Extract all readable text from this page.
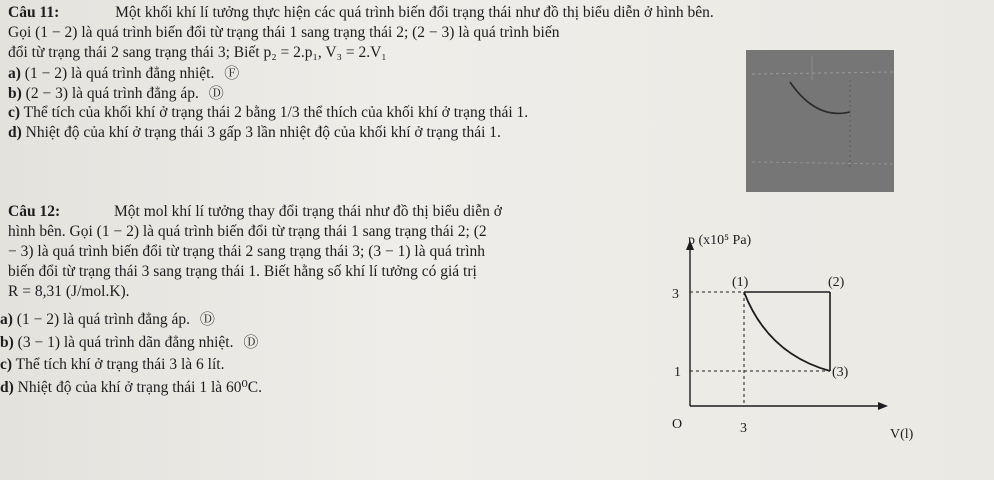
Câu 11:	Một khối khí lí tưởng thực hiện các quá trình biến đổi trạng thái như đồ thị biểu diễn ở hình bên.
Gọi (1 − 2) là quá trình biến đổi từ trạng thái 1 sang trạng thái 2; (2 − 3) là quá trình biến
đổi từ trạng thái 2 sang trạng thái 3; Biết p₂ = 2.p₁, V₃ = 2.V₁
a) (1 − 2) là quá trình đẳng nhiệt. Ⓕ
b) (2 − 3) là quá trình đẳng áp. Ⓓ
c) Thể tích của khối khí ở trạng thái 2 bằng 1/3 thể thích của khối khí ở trạng thái 1.
d) Nhiệt độ của khí ở trạng thái 3 gấp 3 lần nhiệt độ của khối khí ở trạng thái 1.
Câu 12:	Một mol khí lí tưởng thay đổi trạng thái như đồ thị biểu diễn ở
hình bên. Gọi (1 − 2) là quá trình biến đổi từ trạng thái 1 sang trạng thái 2; (2
− 3) là quá trình biến đổi từ trạng thái 2 sang trạng thái 3; (3 − 1) là quá trình
biến đổi từ trạng thái 3 sang trạng thái 1. Biết hằng số khí lí tưởng có giá trị
R = 8,31 (J/mol.K).
a) (1 − 2) là quá trình đẳng áp. Ⓓ
b) (3 − 1) là quá trình dãn đẳng nhiệt. Ⓓ
c) Thể tích khí ở trạng thái 3 là 6 lít.
d) Nhiệt độ của khí ở trạng thái 1 là 60⁰C.
p (x10⁵ Pa)
V(l)
O
3
1
3
(1)	(2)
(3)
